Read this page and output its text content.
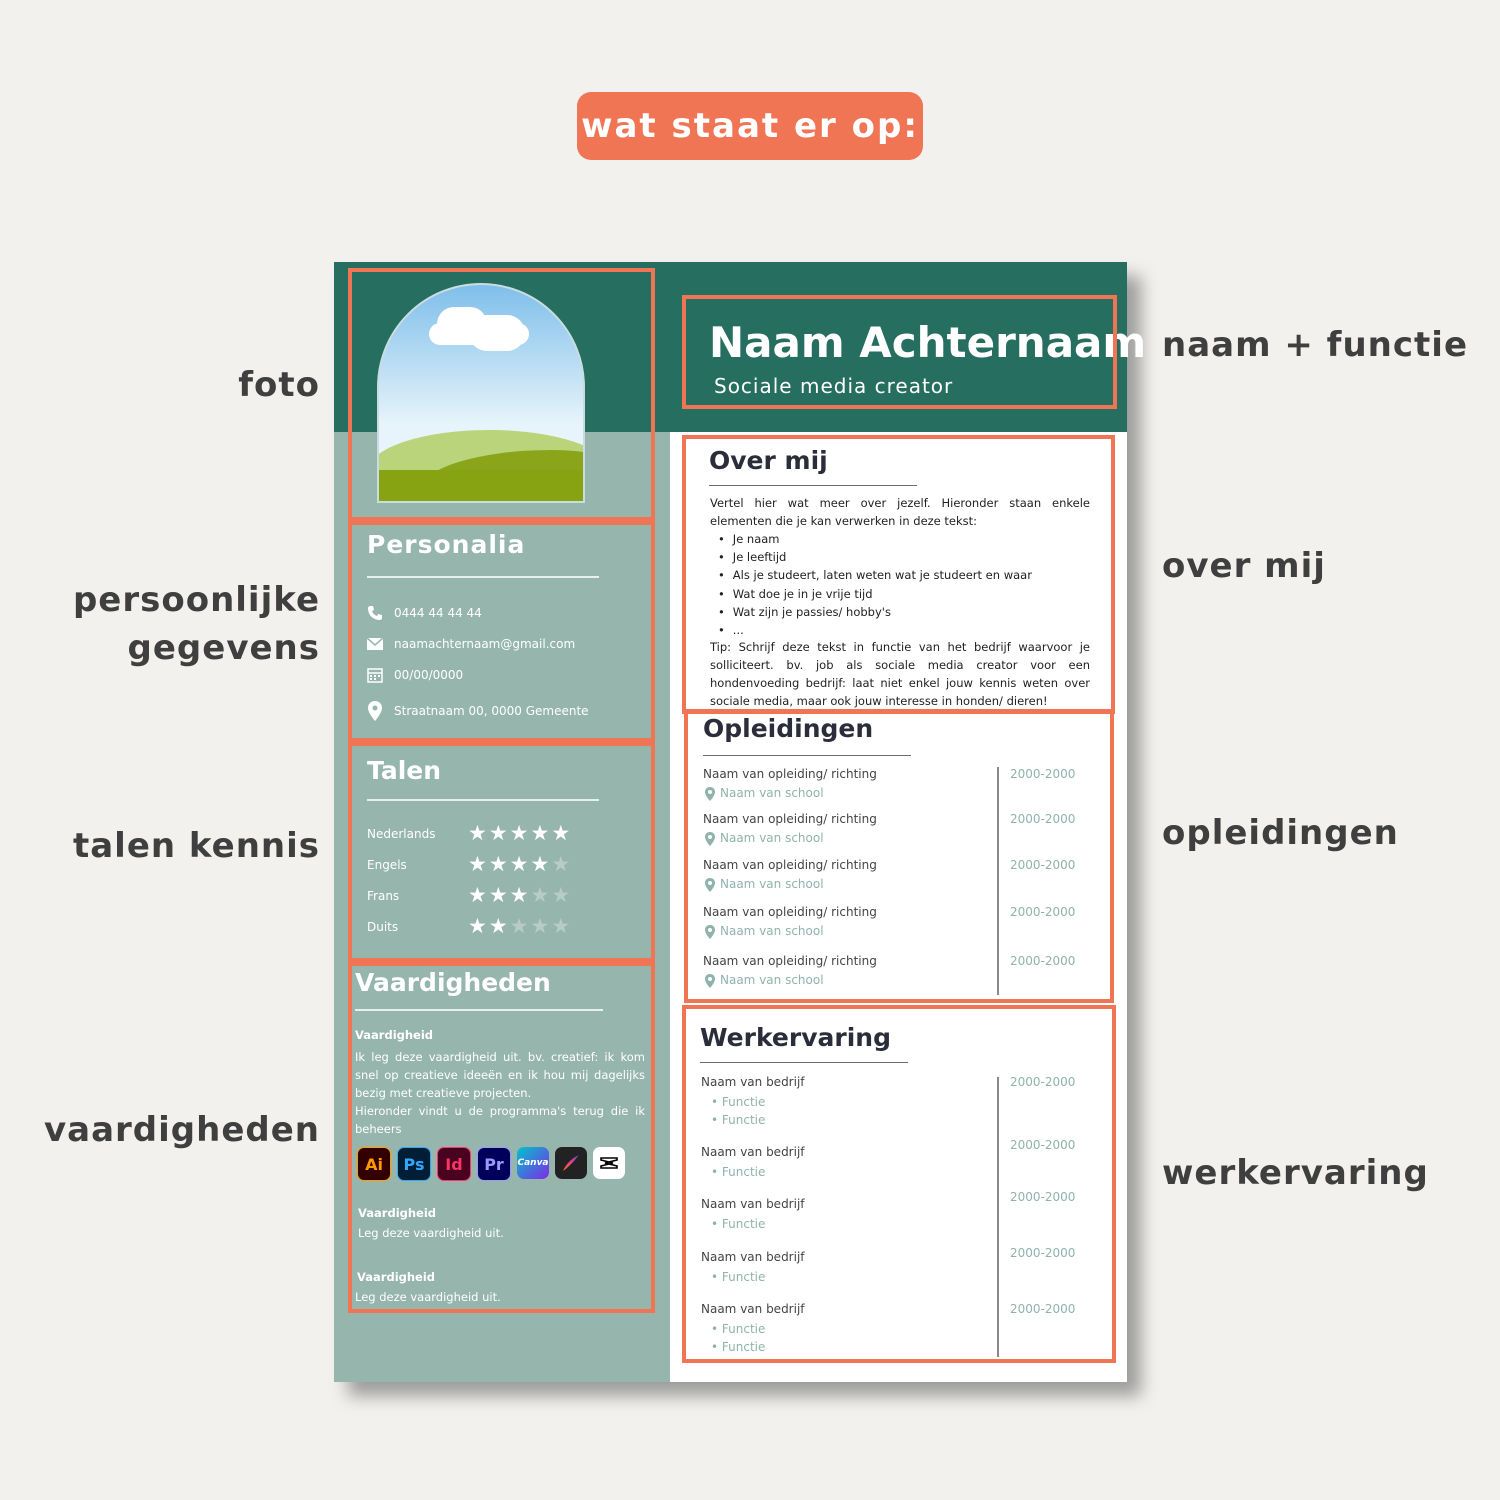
wat staat er op:
foto
persoonlijke
gegevens
talen kennis
vaardigheden
naam + functie
over mij
opleidingen
werkervaring
Naam Achternaam
Sociale media creator
Personalia
0444 44 44 44
naamachternaam@gmail.com
00/00/0000
Straatnaam 00, 0000 Gemeente
Talen
Nederlands ★★★★★
Engels	★★★★★
Frans	★★★★★
Duits	★★★★★
Vaardigheden
Vaardigheid
Ik leg deze vaardigheid uit. bv. creatief: ik kom snel op creatieve ideeën en ik hou mij dagelijks bezig met creatieve projecten.
Hieronder vindt u de programma's terug die ik beheers
Ai	Ps	Id	Pr	Canva
Vaardigheid
Leg deze vaardigheid uit.
Vaardigheid
Leg deze vaardigheid uit.
Over mij
Vertel hier wat meer over jezelf. Hieronder staan enkele elementen die je kan verwerken in deze tekst:
• Je naam
• Je leeftijd
• Als je studeert, laten weten wat je studeert en waar
• Wat doe je in je vrije tijd
• Wat zijn je passies/ hobby's
• ...
Tip: Schrijf deze tekst in functie van het bedrijf waarvoor je solliciteert. bv. job als sociale media creator voor een hondenvoeding bedrijf: laat niet enkel jouw kennis weten over sociale media, maar ook jouw interesse in honden/ dieren!
Opleidingen
Naam van opleiding/ richting
Naam van school
2000-2000
Naam van opleiding/ richting
Naam van school
2000-2000
Naam van opleiding/ richting
Naam van school
2000-2000
Naam van opleiding/ richting
Naam van school
2000-2000
Naam van opleiding/ richting
Naam van school
2000-2000
Werkervaring
Naam van bedrijf
• Functie
• Functie
2000-2000
Naam van bedrijf
• Functie
2000-2000
Naam van bedrijf
• Functie
2000-2000
Naam van bedrijf
• Functie
2000-2000
Naam van bedrijf
• Functie
• Functie
2000-2000
